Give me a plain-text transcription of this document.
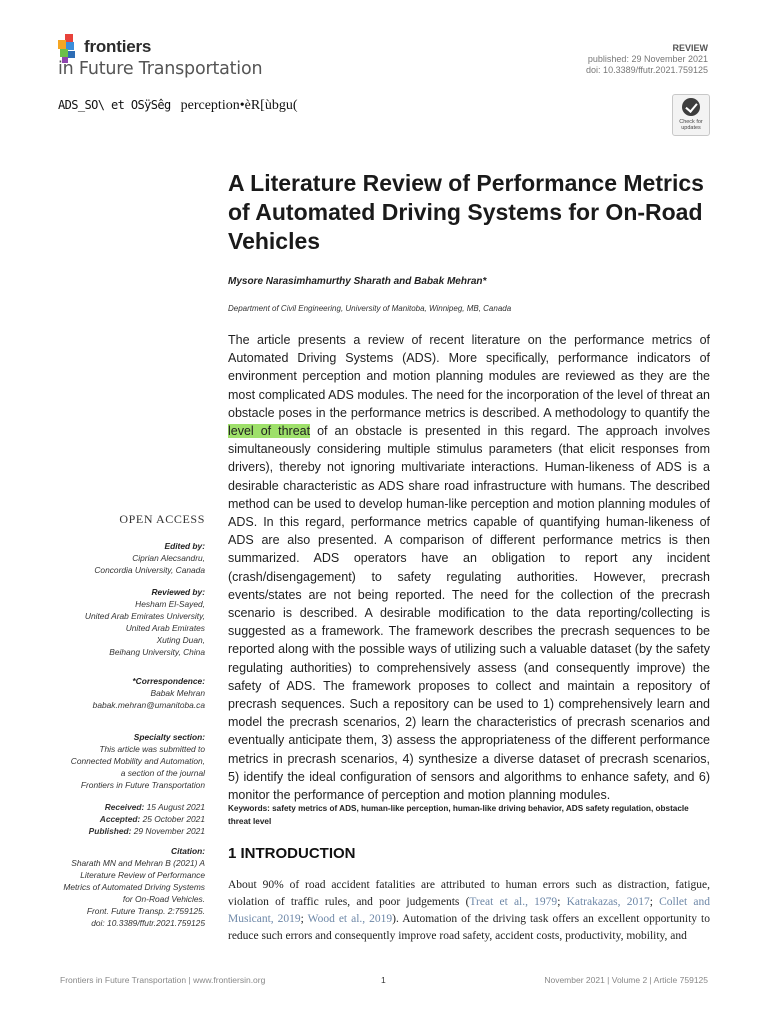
frontiers
in Future Transportation
REVIEW
published: 29 November 2021
doi: 10.3389/ffutr.2021.759125
ADS_SO\ et OSÿSêg perception•èR[ùbgu(
Check for
updates
A Literature Review of Performance Metrics of Automated Driving Systems for On-Road Vehicles
Mysore Narasimhamurthy Sharath and Babak Mehran*
Department of Civil Engineering, University of Manitoba, Winnipeg, MB, Canada
The article presents a review of recent literature on the performance metrics of Automated Driving Systems (ADS). More specifically, performance indicators of environment perception and motion planning modules are reviewed as they are the most complicated ADS modules. The need for the incorporation of the level of threat an obstacle poses in the performance metrics is described. A methodology to quantify the level of threat of an obstacle is presented in this regard. The approach involves simultaneously considering multiple stimulus parameters (that elicit responses from drivers), thereby not ignoring multivariate interactions. Human-likeness of ADS is a desirable characteristic as ADS share road infrastructure with humans. The described method can be used to develop human-like perception and motion planning modules of ADS. In this regard, performance metrics capable of quantifying human-likeness of ADS are also presented. A comparison of different performance metrics is then summarized. ADS operators have an obligation to report any incident (crash/disengagement) to safety regulating authorities. However, precrash events/states are not being reported. The need for the collection of the precrash scenario is described. A desirable modification to the data reporting/collecting is suggested as a framework. The framework describes the precrash sequences to be reported along with the possible ways of utilizing such a valuable dataset (by the safety regulating authorities) to comprehensively assess (and consequently improve) the safety of ADS. The framework proposes to collect and maintain a repository of precrash sequences. Such a repository can be used to 1) comprehensively learn and model the precrash scenarios, 2) learn the characteristics of precrash scenarios and eventually anticipate them, 3) assess the appropriateness of the different performance metrics in precrash scenarios, 4) synthesize a diverse dataset of precrash scenarios, 5) identify the ideal configuration of sensors and algorithms to enhance safety, and 6) monitor the performance of perception and motion planning modules.
Keywords: safety metrics of ADS, human-like perception, human-like driving behavior, ADS safety regulation, obstacle threat level
1 INTRODUCTION
About 90% of road accident fatalities are attributed to human errors such as distraction, fatigue, violation of traffic rules, and poor judgements (Treat et al., 1979; Katrakazas, 2017; Collet and Musicant, 2019; Wood et al., 2019). Automation of the driving task offers an excellent opportunity to reduce such errors and consequently improve road safety, accident costs, productivity, mobility, and
OPEN ACCESS
Edited by:
Ciprian Alecsandru,
Concordia University, Canada
Reviewed by:
Hesham El-Sayed,
United Arab Emirates University,
United Arab Emirates
Xuting Duan,
Beihang University, China
*Correspondence:
Babak Mehran
babak.mehran@umanitoba.ca
Specialty section:
This article was submitted to
Connected Mobility and Automation,
a section of the journal
Frontiers in Future Transportation
Received: 15 August 2021
Accepted: 25 October 2021
Published: 29 November 2021
Citation:
Sharath MN and Mehran B (2021) A
Literature Review of Performance
Metrics of Automated Driving Systems
for On-Road Vehicles.
Front. Future Transp. 2:759125.
doi: 10.3389/ffutr.2021.759125
Frontiers in Future Transportation | www.frontiersin.org	1	November 2021 | Volume 2 | Article 759125
